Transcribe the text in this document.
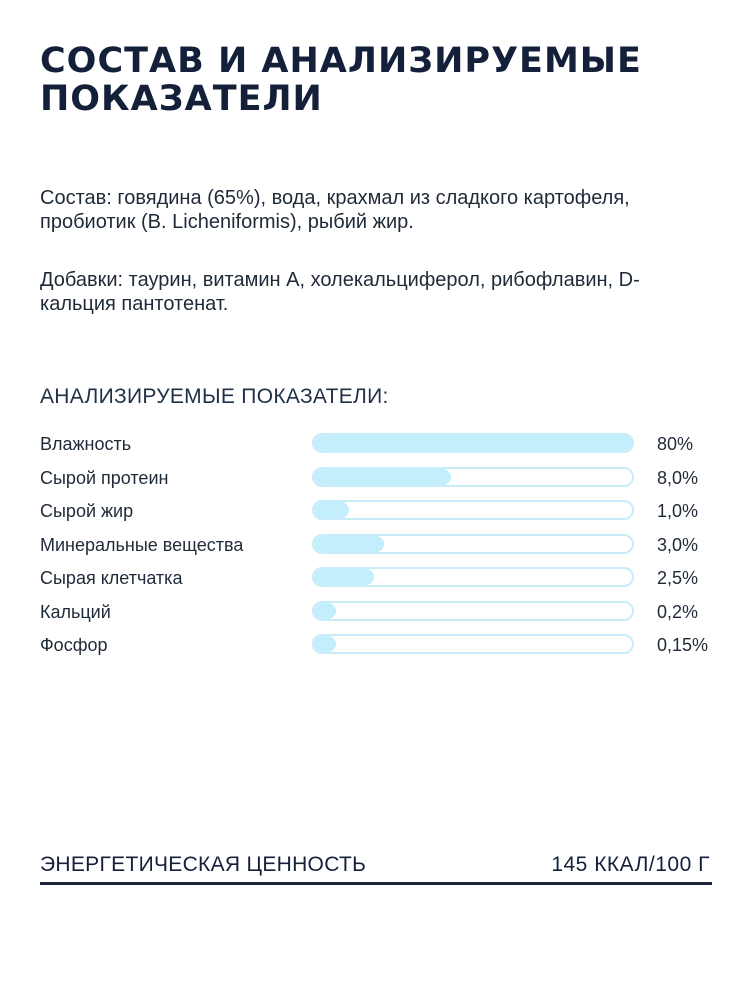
СОСТАВ И АНАЛИЗИРУЕМЫЕ ПОКАЗАТЕЛИ
Состав: говядина (65%), вода, крахмал из сладкого картофеля, пробиотик (B. Licheniformis), рыбий жир.
Добавки: таурин, витамин А, холекальциферол, рибофлавин, D-кальция пантотенат.
АНАЛИЗИРУЕМЫЕ ПОКАЗАТЕЛИ:
Влажность	80%
Сырой протеин	8,0%
Сырой жир	1,0%
Минеральные вещества	3,0%
Сырая клетчатка	2,5%
Кальций	0,2%
Фосфор	0,15%
ЭНЕРГЕТИЧЕСКАЯ ЦЕННОСТЬ	145 ККАЛ/100 Г
